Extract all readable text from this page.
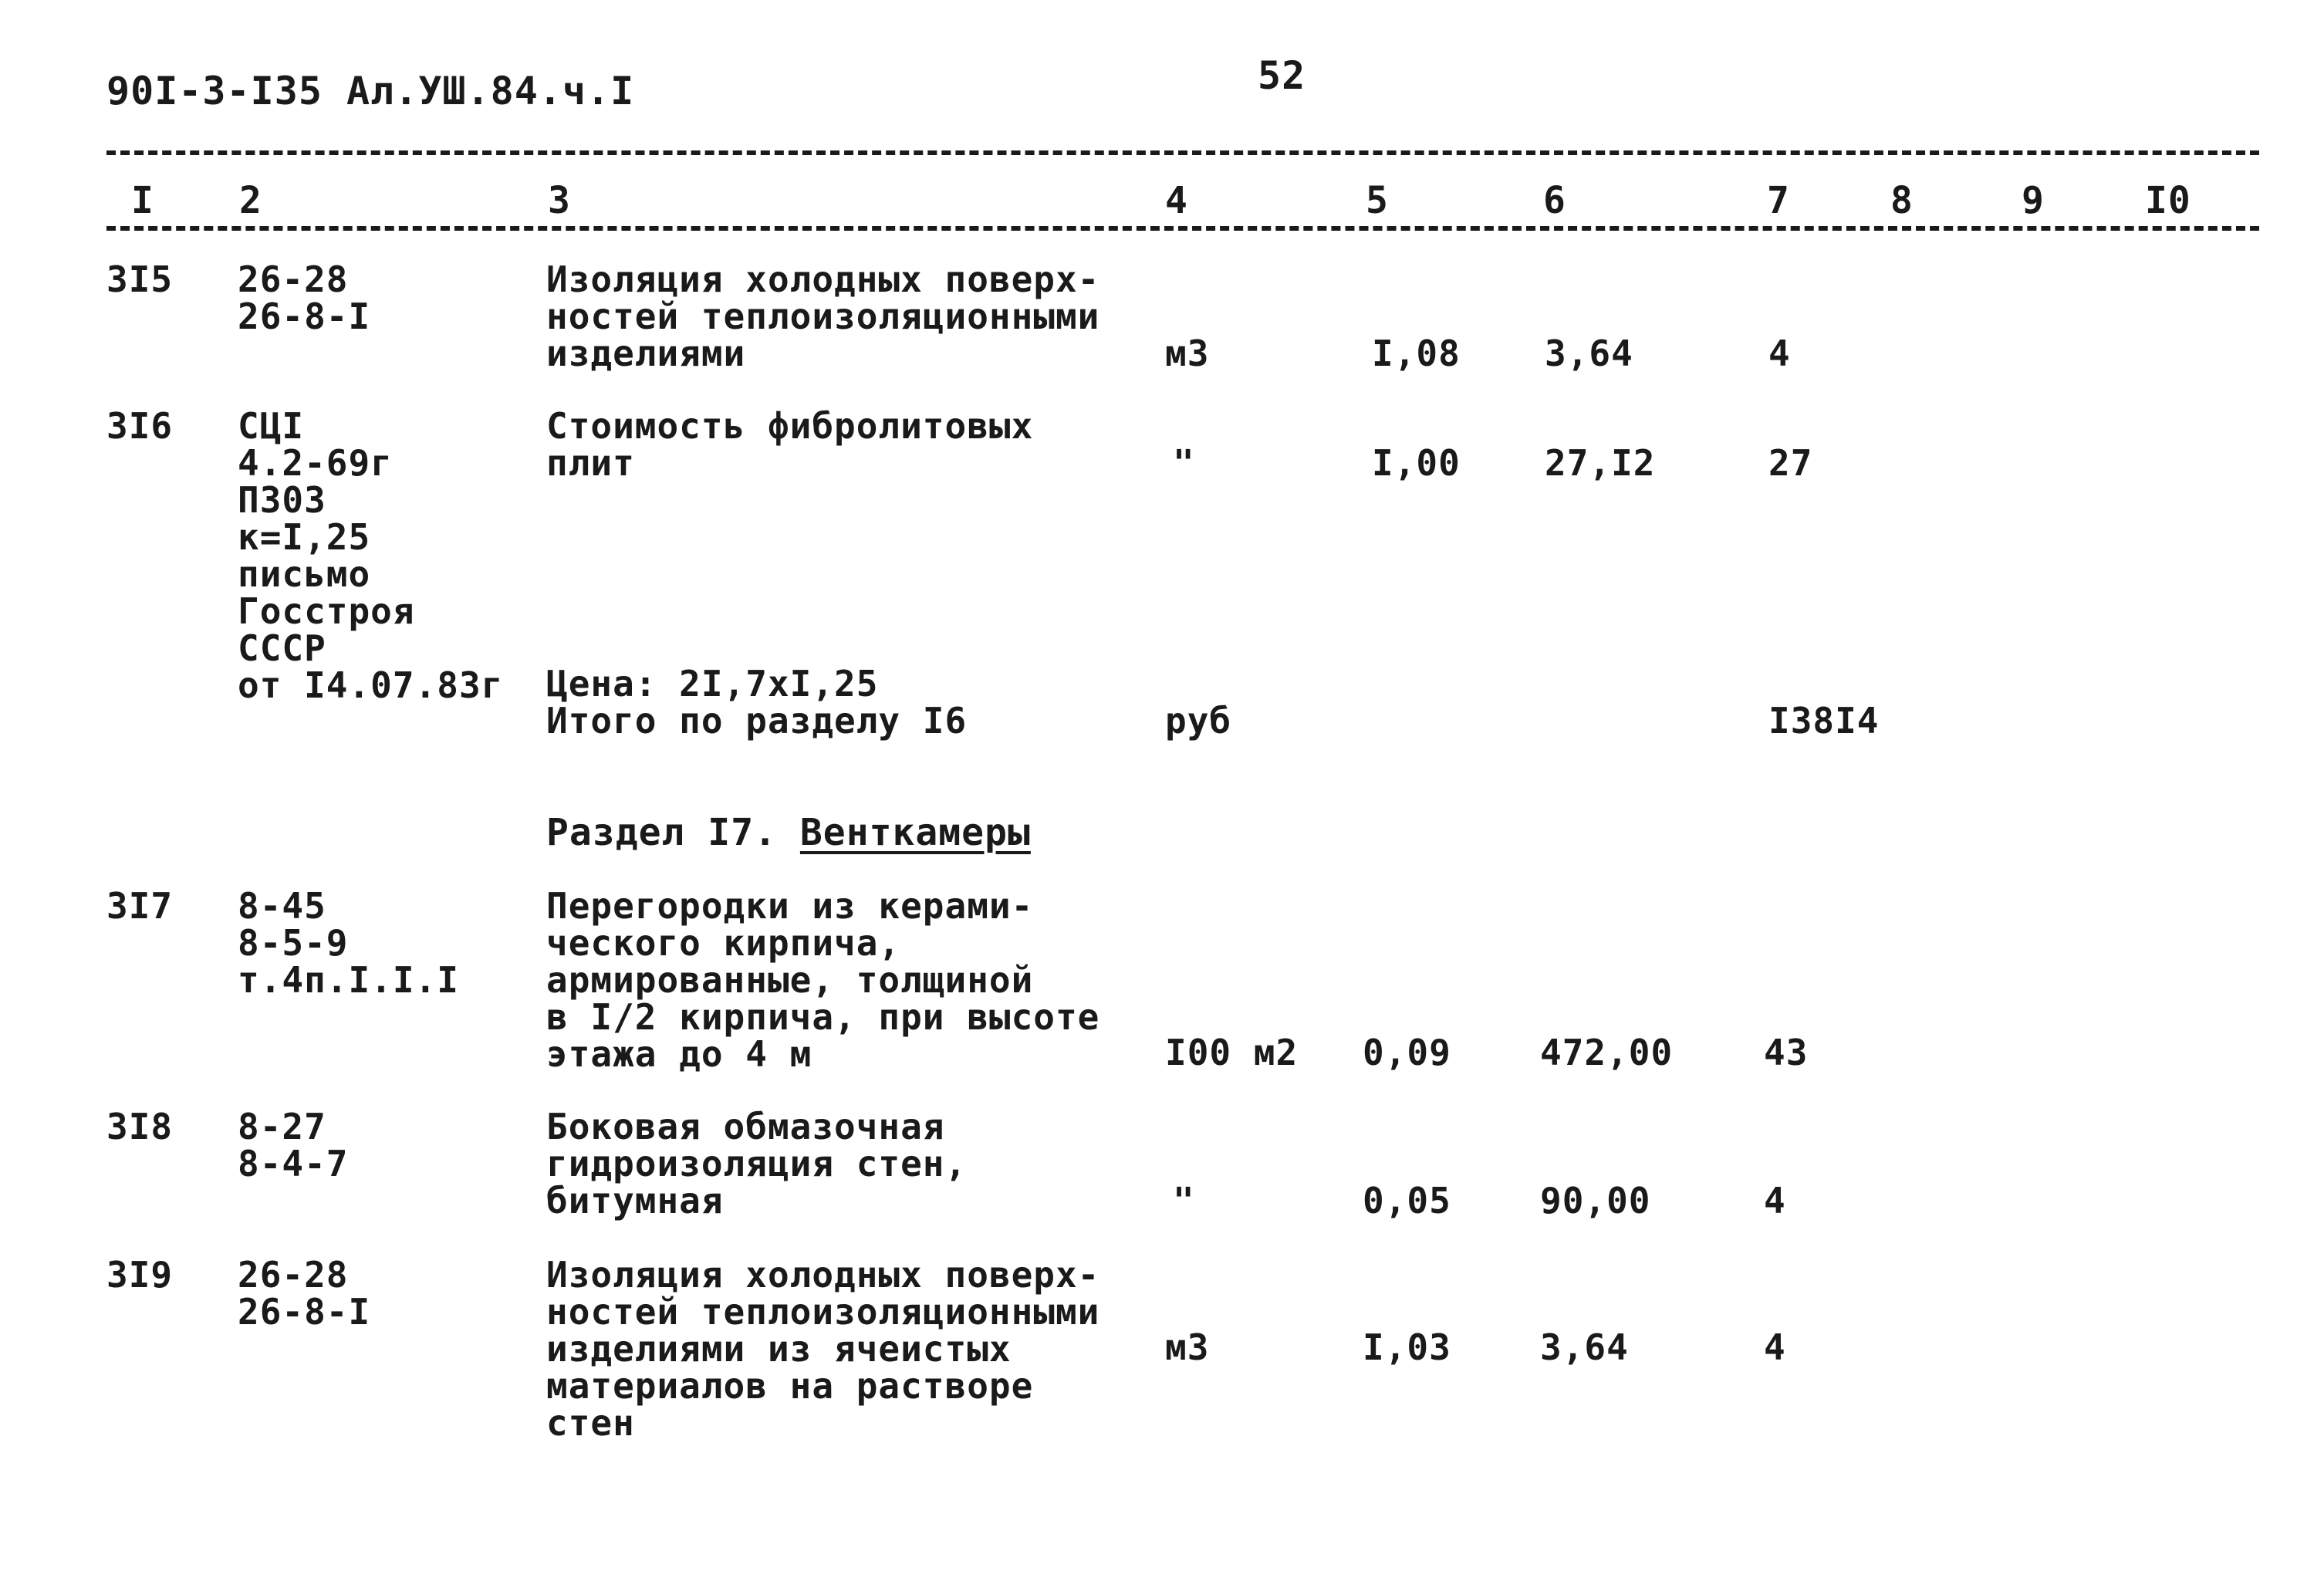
90I-3-I35 Ал.УШ.84.ч.I	52
I 2	3	4	5	6	7	8	9	I0
3I5 26-28
26-8-I
Изоляция холодных поверх-
ностей теплоизоляционными
изделиями	м3	I,08 3,64	4
3I6 СЦI
4.2-69г
П303
к=I,25
письмо
Госстроя
СССР
от I4.07.83г
Стоимость фибролитовых
плит	"	I,00 27,I2	27
Цена: 2I,7хI,25
Итого по разделу I6	руб	I38I4
Раздел I7. Венткамеры
3I7 8-45
8-5-9
т.4п.I.I.I
Перегородки из керами-
ческого кирпича,
армированные, толщиной
в I/2 кирпича, при высоте
этажа до 4 м	I00 м2 0,09	472,00	43
3I8 8-27
8-4-7
Боковая обмазочная
гидроизоляция стен,
битумная	"	0,05	90,00	4
3I9 26-28
26-8-I
Изоляция холодных поверх-
ностей теплоизоляционными
изделиями из ячеистых
материалов на растворе
стен
м3	I,03	3,64	4
